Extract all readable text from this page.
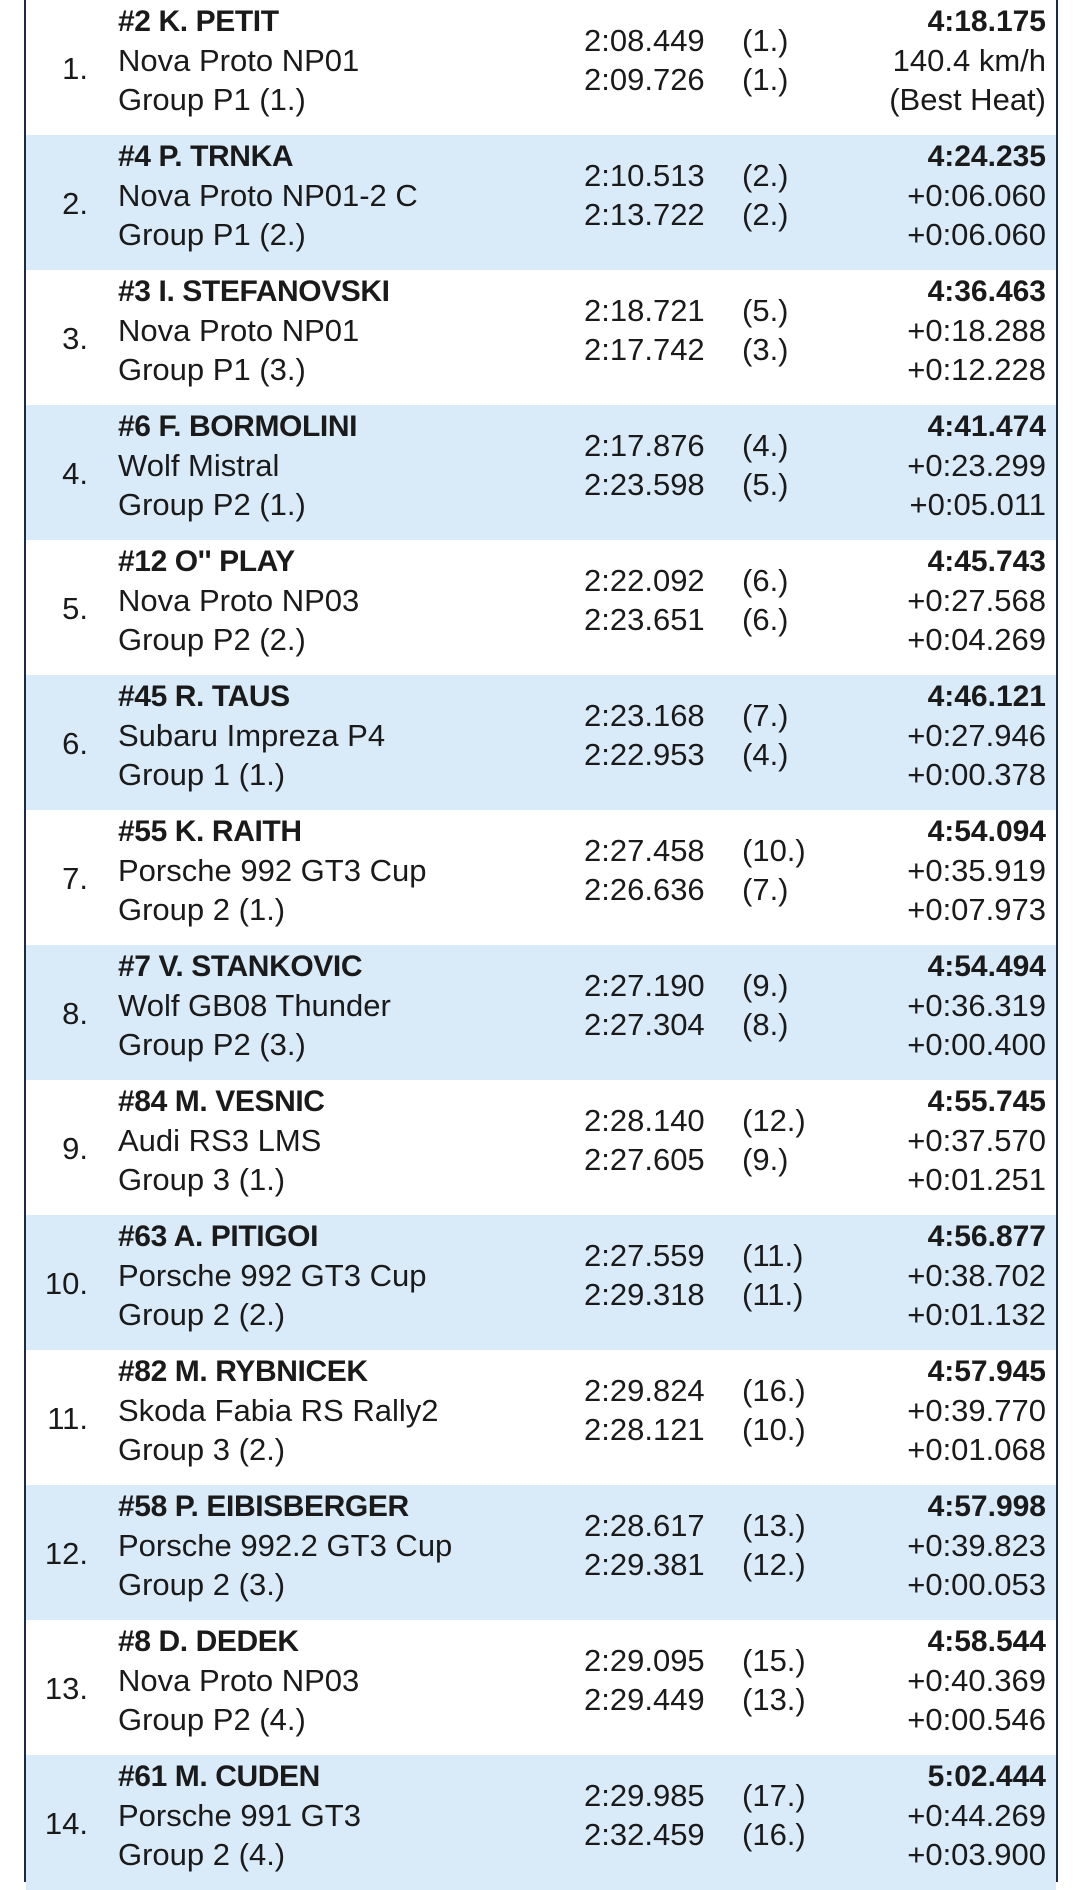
1.
#2 K. PETIT
Nova Proto NP01
Group P1 (1.)
2:08.449 (1.)
2:09.726 (1.)
4:18.175
140.4 km/h
(Best Heat)
2.
#4 P. TRNKA
Nova Proto NP01-2 C
Group P1 (2.)
2:10.513 (2.)
2:13.722 (2.)
4:24.235
+0:06.060
+0:06.060
3.
#3 I. STEFANOVSKI
Nova Proto NP01
Group P1 (3.)
2:18.721 (5.)
2:17.742 (3.)
4:36.463
+0:18.288
+0:12.228
4.
#6 F. BORMOLINI
Wolf Mistral
Group P2 (1.)
2:17.876 (4.)
2:23.598 (5.)
4:41.474
+0:23.299
+0:05.011
5.
#12 O'' PLAY
Nova Proto NP03
Group P2 (2.)
2:22.092 (6.)
2:23.651 (6.)
4:45.743
+0:27.568
+0:04.269
6.
#45 R. TAUS
Subaru Impreza P4
Group 1 (1.)
2:23.168 (7.)
2:22.953 (4.)
4:46.121
+0:27.946
+0:00.378
7.
#55 K. RAITH
Porsche 992 GT3 Cup
Group 2 (1.)
2:27.458 (10.)
2:26.636 (7.)
4:54.094
+0:35.919
+0:07.973
8.
#7 V. STANKOVIC
Wolf GB08 Thunder
Group P2 (3.)
2:27.190 (9.)
2:27.304 (8.)
4:54.494
+0:36.319
+0:00.400
9.
#84 M. VESNIC
Audi RS3 LMS
Group 3 (1.)
2:28.140 (12.)
2:27.605 (9.)
4:55.745
+0:37.570
+0:01.251
10.
#63 A. PITIGOI
Porsche 992 GT3 Cup
Group 2 (2.)
2:27.559 (11.)
2:29.318 (11.)
4:56.877
+0:38.702
+0:01.132
11.
#82 M. RYBNICEK
Skoda Fabia RS Rally2
Group 3 (2.)
2:29.824 (16.)
2:28.121 (10.)
4:57.945
+0:39.770
+0:01.068
12.
#58 P. EIBISBERGER
Porsche 992.2 GT3 Cup
Group 2 (3.)
2:28.617 (13.)
2:29.381 (12.)
4:57.998
+0:39.823
+0:00.053
13.
#8 D. DEDEK
Nova Proto NP03
Group P2 (4.)
2:29.095 (15.)
2:29.449 (13.)
4:58.544
+0:40.369
+0:00.546
14.
#61 M. CUDEN
Porsche 991 GT3
Group 2 (4.)
2:29.985 (17.)
2:32.459 (16.)
5:02.444
+0:44.269
+0:03.900
